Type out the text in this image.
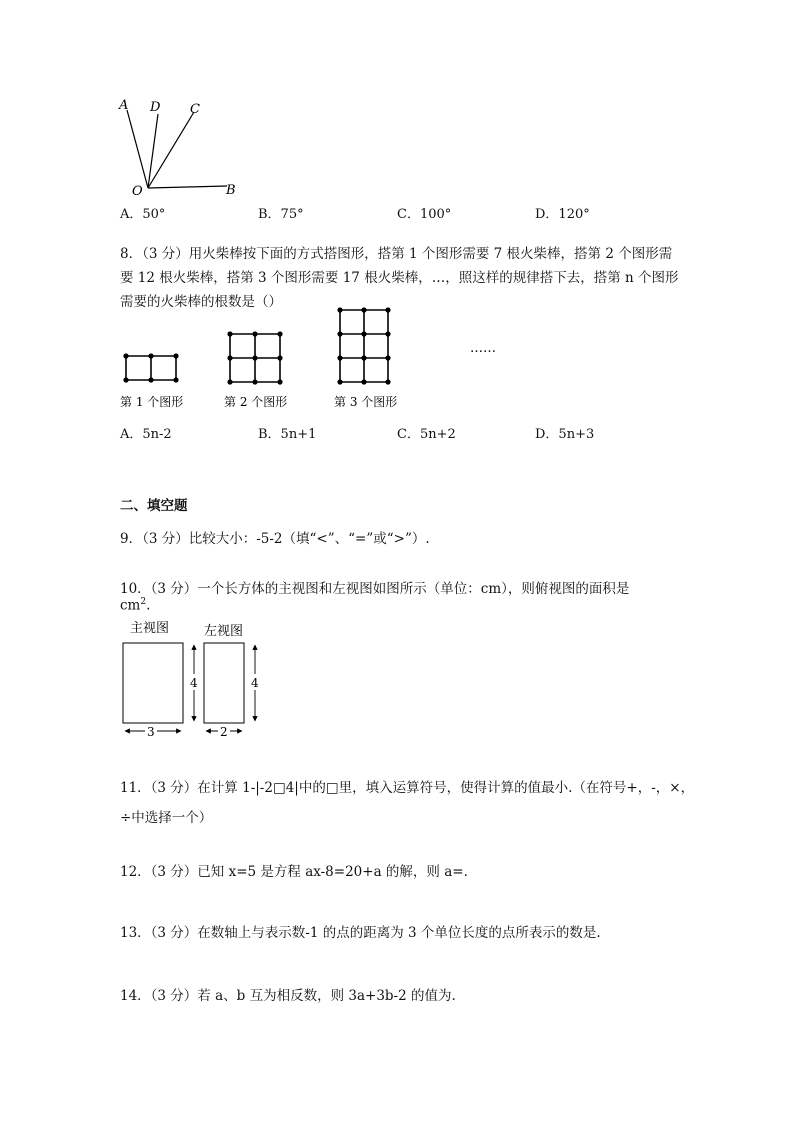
A D C
O	B
A．50°	B．75°	C．100°	D．120°
8．（3 分）用火柴棒按下面的方式搭图形，搭第 1 个图形需要 7 根火柴棒，搭第 2 个图形需
要 12 根火柴棒，搭第 3 个图形需要 17 根火柴棒，…，照这样的规律搭下去，搭第 n 个图形
需要的火柴棒的根数是（）
……
第 1 个图形	第 2 个图形	第 3 个图形
A．5n-2	B．5n+1	C．5n+2	D．5n+3
二、填空题
9．（3 分）比较大小：-5-2（填“<”、“=”或“>”）.
10．（3 分）一个长方体的主视图和左视图如图所示（单位：cm），则俯视图的面积是
$cm^2$.
主视图	左视图
4
3
4
2
11．（3 分）在计算 1-|-2□4|中的□里，填入运算符号，使得计算的值最小.（在符号+，-，×，
÷中选择一个）
12．（3 分）已知 x=5 是方程 ax-8=20+a 的解，则 a=.
13．（3 分）在数轴上与表示数-1 的点的距离为 3 个单位长度的点所表示的数是.
14．（3 分）若 a、b 互为相反数，则 3a+3b-2 的值为.
